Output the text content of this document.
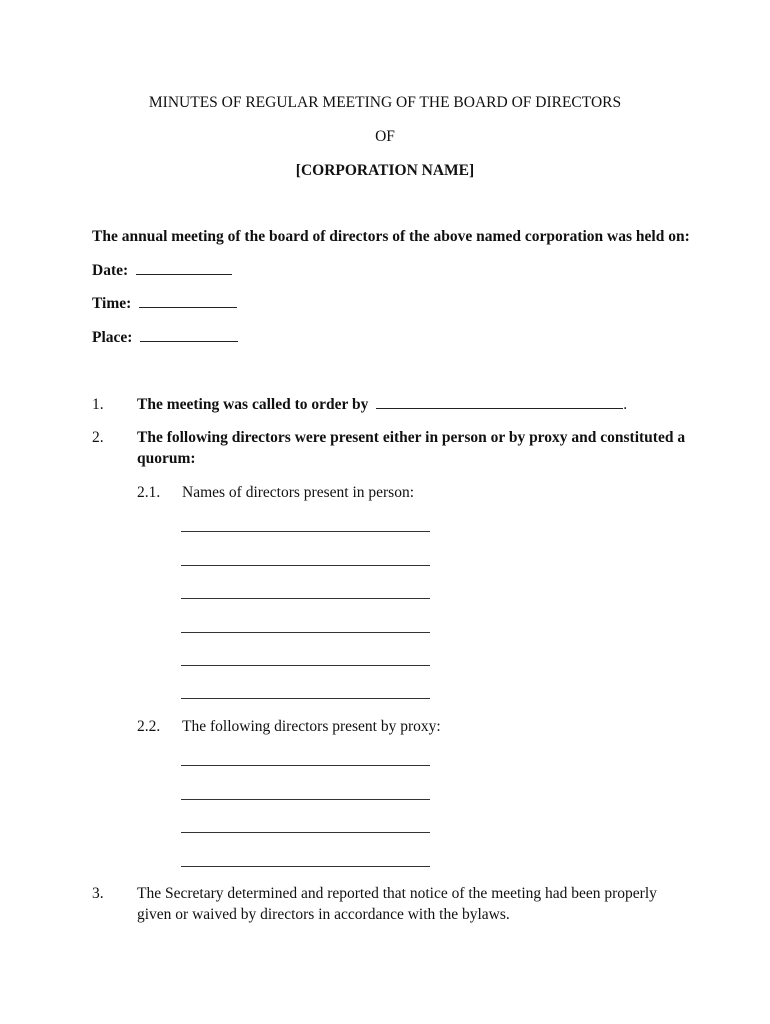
MINUTES OF REGULAR MEETING OF THE BOARD OF DIRECTORS
OF
[CORPORATION NAME]
The annual meeting of the board of directors of the above named corporation was held on:
Date:
Time:
Place:
1. The meeting was called to order by	.
2. The following directors were present either in person or by proxy and constituted a
quorum:
2.1. Names of directors present in person:
2.2. The following directors present by proxy:
3. The Secretary determined and reported that notice of the meeting had been properly
given or waived by directors in accordance with the bylaws.
